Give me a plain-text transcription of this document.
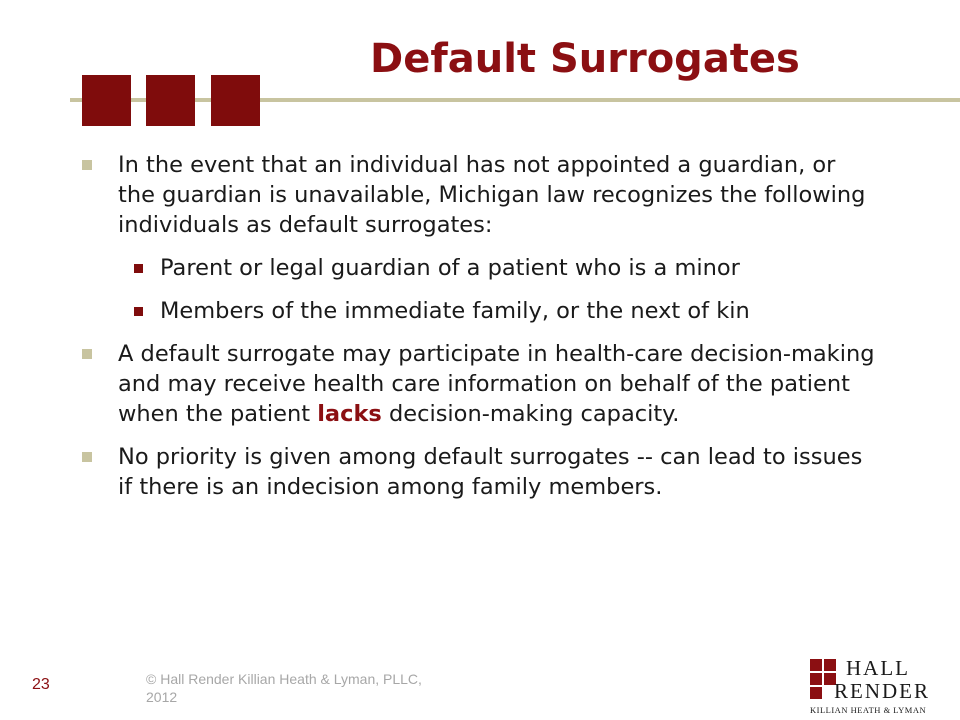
Default Surrogates
In the event that an individual has not appointed a guardian, or the guardian is unavailable, Michigan law recognizes the following individuals as default surrogates:
Parent or legal guardian of a patient who is a minor
Members of the immediate family, or the next of kin
A default surrogate may participate in health-care decision-making and may receive health care information on behalf of the patient when the patient lacks decision-making capacity.
No priority is given among default surrogates -- can lead to issues if there is an indecision among family members.
23	© Hall Render Killian Heath & Lyman, PLLC, 2012
HALL
RENDER
KILLIAN HEATH & LYMAN
